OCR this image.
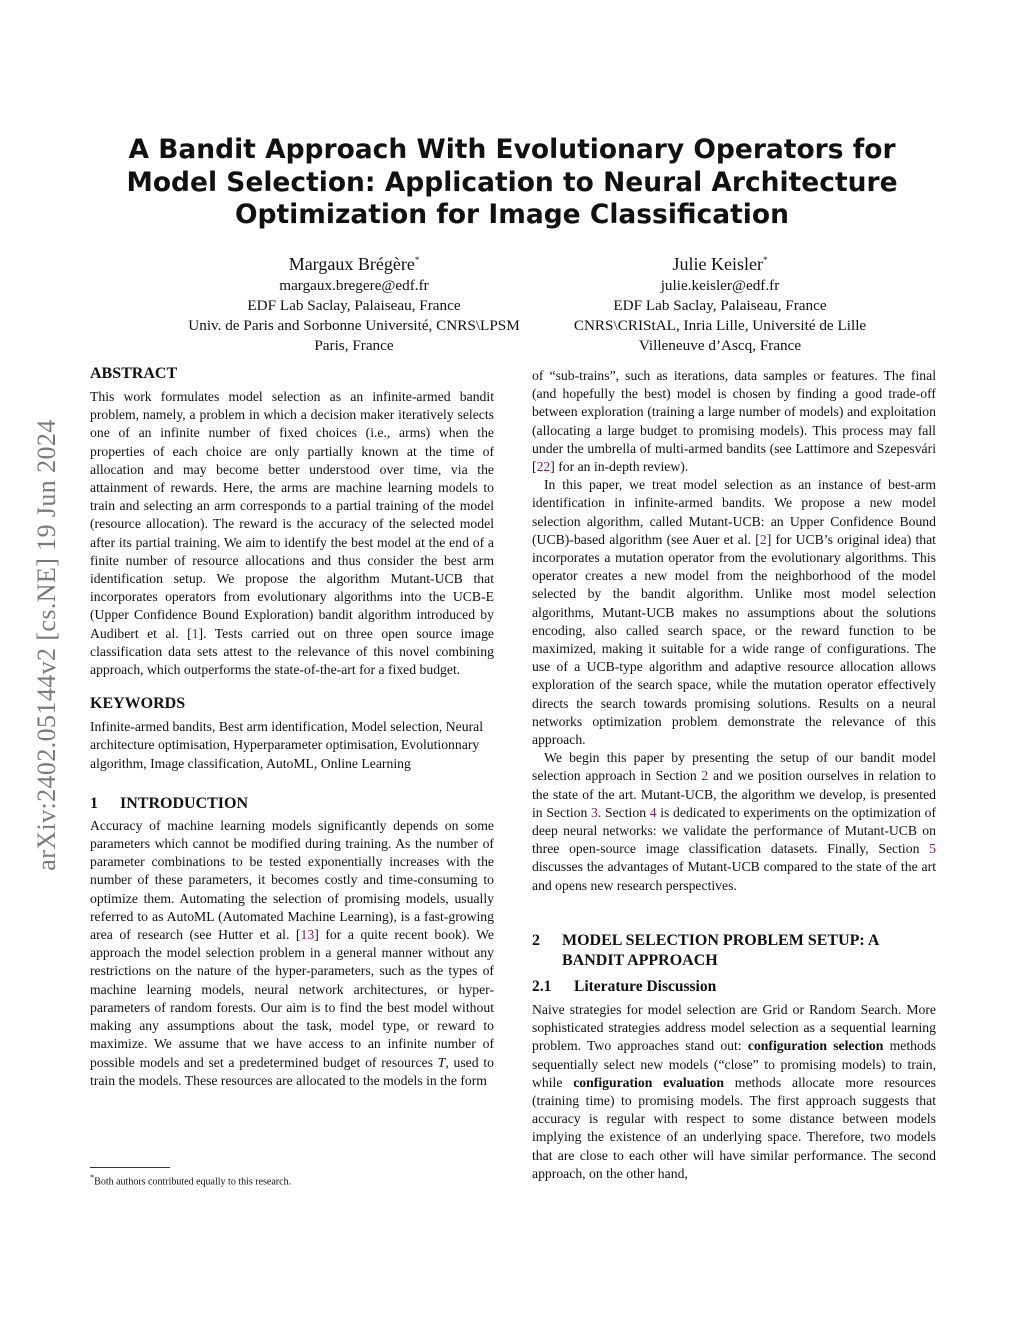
arXiv:2402.05144v2 [cs.NE] 19 Jun 2024
A Bandit Approach With Evolutionary Operators for Model Selection: Application to Neural Architecture Optimization for Image Classification
Margaux Brégère*
margaux.bregere@edf.fr
EDF Lab Saclay, Palaiseau, France
Univ. de Paris and Sorbonne Université, CNRS\LPSM
Paris, France
Julie Keisler*
julie.keisler@edf.fr
EDF Lab Saclay, Palaiseau, France
CNRS\CRIStAL, Inria Lille, Université de Lille
Villeneuve d’Ascq, France
ABSTRACT

This work formulates model selection as an infinite-armed bandit problem, namely, a problem in which a decision maker iteratively selects one of an infinite number of fixed choices (i.e., arms) when the properties of each choice are only partially known at the time of allocation and may become better understood over time, via the attainment of rewards. Here, the arms are machine learning models to train and selecting an arm corresponds to a partial training of the model (resource allocation). The reward is the accuracy of the selected model after its partial training. We aim to identify the best model at the end of a finite number of resource allocations and thus consider the best arm identification setup. We propose the algorithm Mutant-UCB that incorporates operators from evolutionary algorithms into the UCB-E (Upper Confidence Bound Exploration) bandit algorithm introduced by Audibert et al. [1]. Tests carried out on three open source image classification data sets attest to the relevance of this novel combining approach, which outperforms the state-of-the-art for a fixed budget.

KEYWORDS

Infinite-armed bandits, Best arm identification, Model selection, Neural architecture optimisation, Hyperparameter optimisation, Evolutionnary algorithm, Image classification, AutoML, Online Learning

1 INTRODUCTION

Accuracy of machine learning models significantly depends on some parameters which cannot be modified during training. As the number of parameter combinations to be tested exponentially increases with the number of these parameters, it becomes costly and time-consuming to optimize them. Automating the selection of promising models, usually referred to as AutoML (Automated Machine Learning), is a fast-growing area of research (see Hutter et al. [13] for a quite recent book). We approach the model selection problem in a general manner without any restrictions on the nature of the hyper-parameters, such as the types of machine learning models, neural network architectures, or hyper-parameters of random forests. Our aim is to find the best model without making any assumptions about the task, model type, or reward to maximize. We assume that we have access to an infinite number of possible models and set a predetermined budget of resources T, used to train the models. These resources are allocated to the models in the form

of “sub-trains”, such as iterations, data samples or features. The final (and hopefully the best) model is chosen by finding a good trade-off between exploration (training a large number of models) and exploitation (allocating a large budget to promising models). This process may fall under the umbrella of multi-armed bandits (see Lattimore and Szepesvári [22] for an in-depth review).

In this paper, we treat model selection as an instance of best-arm identification in infinite-armed bandits. We propose a new model selection algorithm, called Mutant-UCB: an Upper Confidence Bound (UCB)-based algorithm (see Auer et al. [2] for UCB’s original idea) that incorporates a mutation operator from the evolutionary algorithms. This operator creates a new model from the neighborhood of the model selected by the bandit algorithm. Unlike most model selection algorithms, Mutant-UCB makes no assumptions about the solutions encoding, also called search space, or the reward function to be maximized, making it suitable for a wide range of configurations. The use of a UCB-type algorithm and adaptive resource allocation allows exploration of the search space, while the mutation operator effectively directs the search towards promising solutions. Results on a neural networks optimization problem demonstrate the relevance of this approach.

We begin this paper by presenting the setup of our bandit model selection approach in Section 2 and we position ourselves in relation to the state of the art. Mutant-UCB, the algorithm we develop, is presented in Section 3. Section 4 is dedicated to experiments on the optimization of deep neural networks: we validate the performance of Mutant-UCB on three open-source image classification datasets. Finally, Section 5 discusses the advantages of Mutant-UCB compared to the state of the art and opens new research perspectives.

2 MODEL SELECTION PROBLEM SETUP: A
BANDIT APPROACH
2.1 Literature Discussion

Naive strategies for model selection are Grid or Random Search. More sophisticated strategies address model selection as a sequential learning problem. Two approaches stand out: configuration selection methods sequentially select new models (“close” to promising models) to train, while configuration evaluation methods allocate more resources (training time) to promising models. The first approach suggests that accuracy is regular with respect to some distance between models implying the existence of an underlying space. Therefore, two models that are close to each other will have similar performance. The second approach, on the other hand,

*Both authors contributed equally to this research.
